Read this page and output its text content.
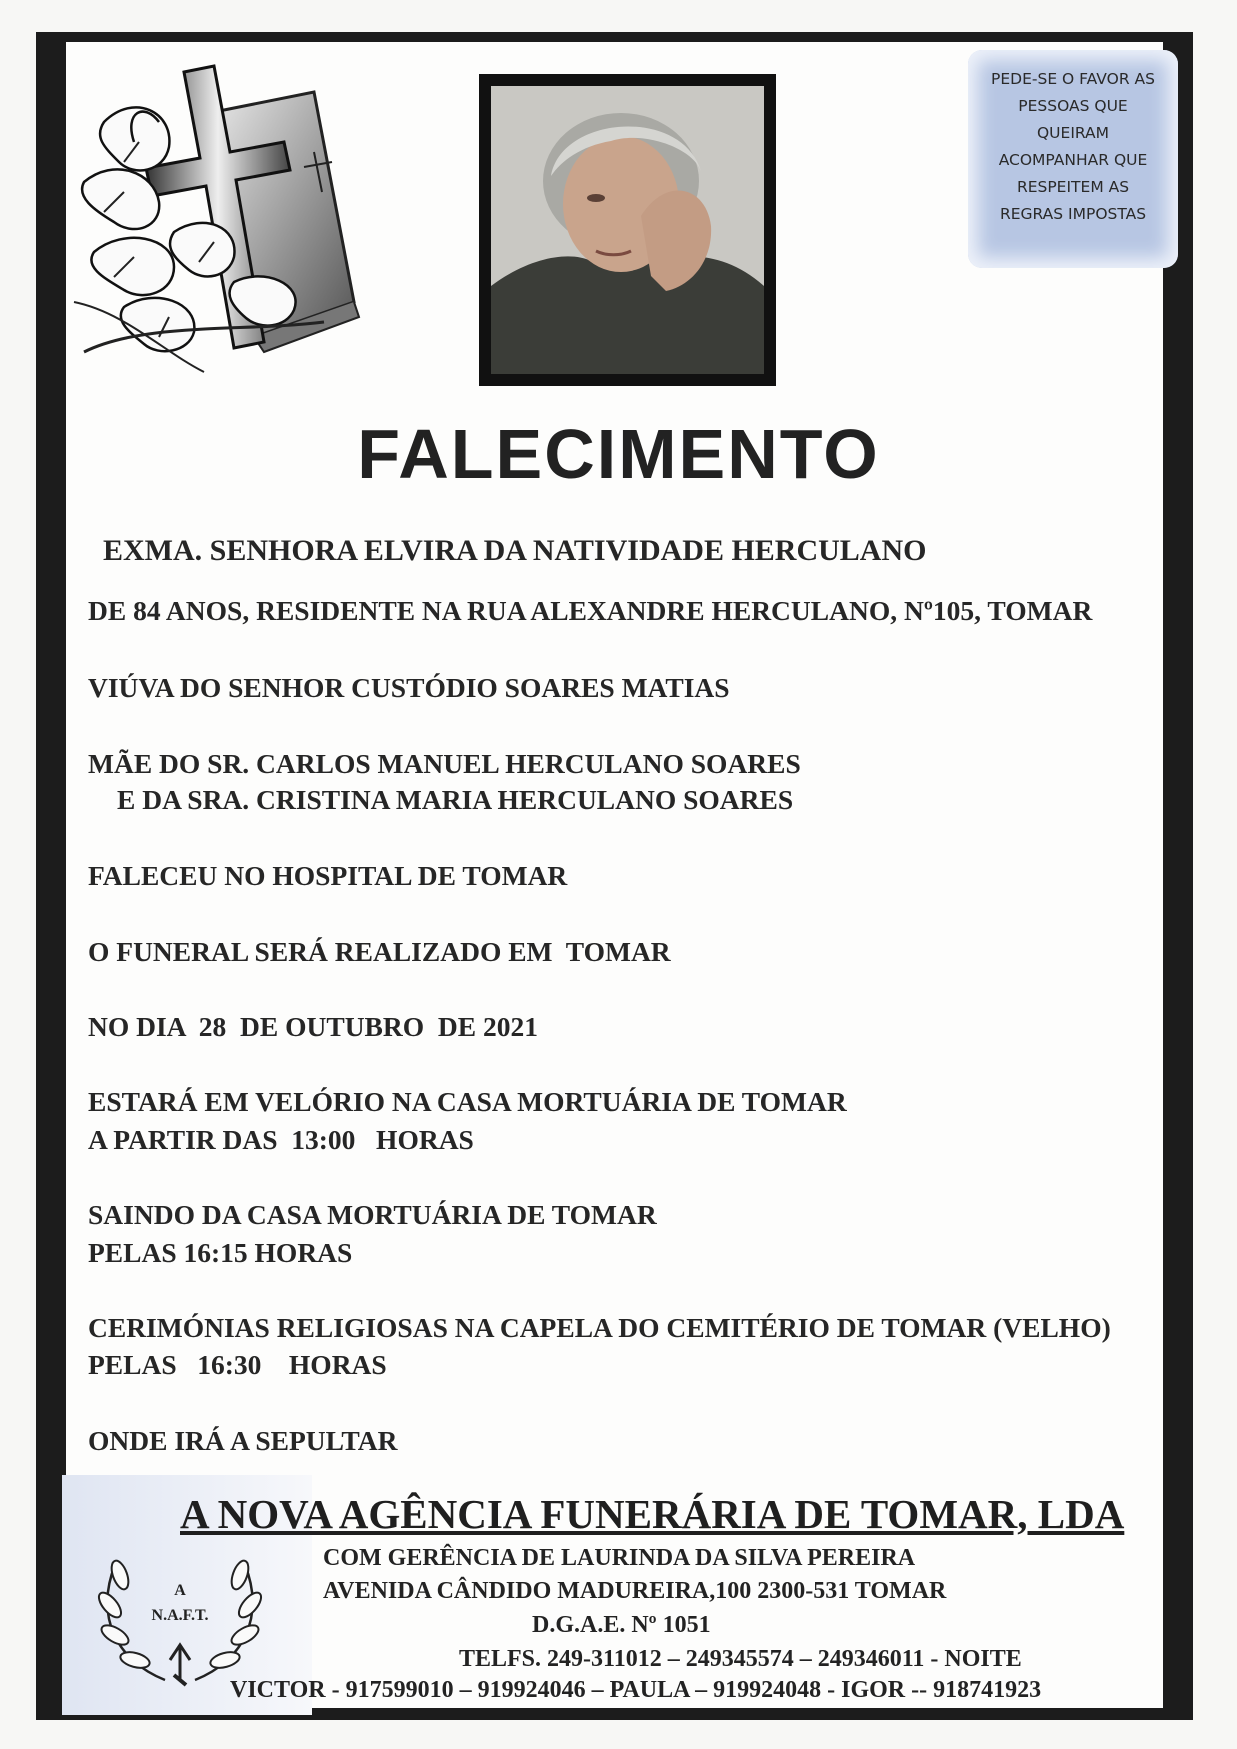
PEDE-SE O FAVOR AS
PESSOAS QUE
QUEIRAM
ACOMPANHAR QUE
RESPEITEM AS
REGRAS IMPOSTAS
FALECIMENTO
EXMA. SENHORA ELVIRA DA NATIVIDADE HERCULANO
DE 84 ANOS, RESIDENTE NA RUA ALEXANDRE HERCULANO, Nº105, TOMAR
VIÚVA DO SENHOR CUSTÓDIO SOARES MATIAS
MÃE DO SR. CARLOS MANUEL HERCULANO SOARES
E DA SRA. CRISTINA MARIA HERCULANO SOARES
FALECEU NO HOSPITAL DE TOMAR
O FUNERAL SERÁ REALIZADO EM  TOMAR
NO DIA  28  DE OUTUBRO  DE 2021
ESTARÁ EM VELÓRIO NA CASA MORTUÁRIA DE TOMAR
A PARTIR DAS  13:00   HORAS
SAINDO DA CASA MORTUÁRIA DE TOMAR
PELAS 16:15 HORAS
CERIMÓNIAS RELIGIOSAS NA CAPELA DO CEMITÉRIO DE TOMAR (VELHO)
PELAS   16:30    HORAS
ONDE IRÁ A SEPULTAR
A
N.A.F.T.
A NOVA AGÊNCIA FUNERÁRIA DE TOMAR, LDA
COM GERÊNCIA DE LAURINDA DA SILVA PEREIRA
AVENIDA CÂNDIDO MADUREIRA,100 2300-531 TOMAR
D.G.A.E. Nº 1051
TELFS. 249-311012 – 249345574 – 249346011 - NOITE
VICTOR - 917599010 – 919924046 – PAULA – 919924048 - IGOR -- 918741923
